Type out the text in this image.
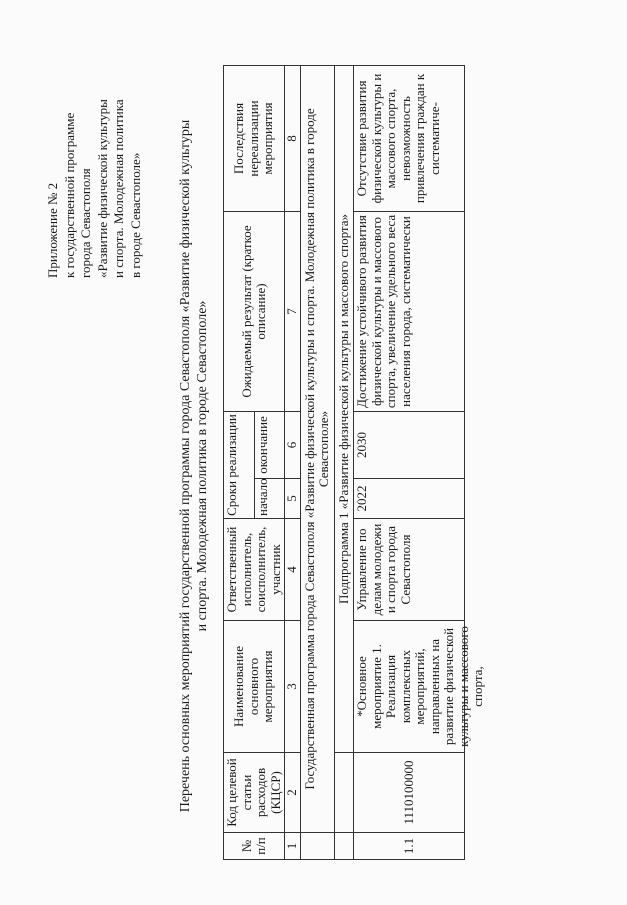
Приложение № 2 к государственной программе города Севастополя «Развитие физической культуры и спорта. Молодежная политика в городе Севастополе»	Перечень основных мероприятий государственной программы города Севастополя «Развитие физической культуры и спорта. Молодежная политика в городе Севастополе»
№ п/п	Код целевой статьи расходов (КЦСР)	Наименование основного мероприятия	Ответственный исполнитель, соисполнитель, участник	Сроки реализации		Ожидаемый результат (краткое описание)	Последствия нереализации мероприятия
				начало	окончание		
1	2	3	4	5	6	7	8
	Государственная программа города Севастополя «Развитие физической культуры и спорта. Молодежная политика в городе Севастополе»						
		Подпрограмма 1 «Развитие физической культуры и массового спорта»					
1.1	1110100000	*Основное мероприятие 1. Реализация комплексных мероприятий, направленных на развитие физической культуры и массового спорта,	Управление по делам молодежи и спорта города Севастополя	2022	2030	Достижение устойчивого развития физической культуры и массового спорта, увеличение удельного веса населения города, систематически	Отсутствие развития физической культуры и массового спорта, невозможность привлечения граждан к систематиче-
